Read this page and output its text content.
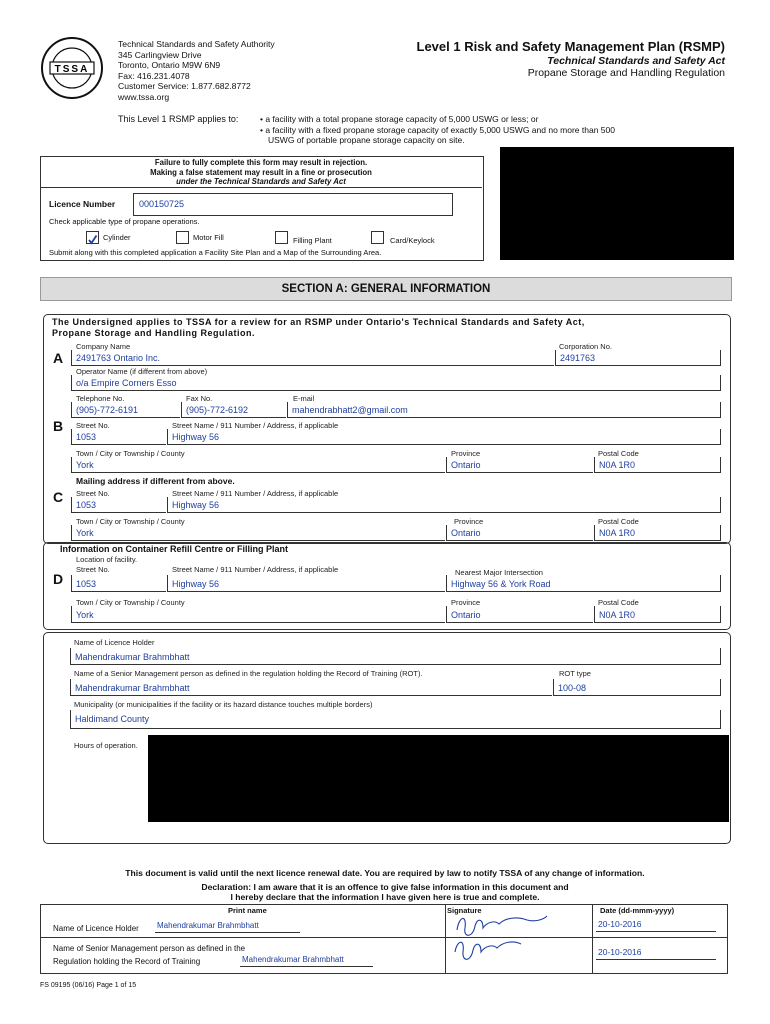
TSSA
Technical Standards and Safety Authority
345 Carlingview Drive
Toronto, Ontario M9W 6N9
Fax: 416.231.4078
Customer Service: 1.877.682.8772
www.tssa.org
Level 1 Risk and Safety Management Plan (RSMP)
Technical Standards and Safety Act
Propane Storage and Handling Regulation
This Level 1 RSMP applies to:	• a facility with a total propane storage capacity of 5,000 USWG or less; or
• a facility with a fixed propane storage capacity of exactly 5,000 USWG and no more than 500
USWG of portable propane storage capacity on site.
Failure to fully complete this form may result in rejection.
Making a false statement may result in a fine or prosecution
under the Technical Standards and Safety Act
Licence Number	000150725
Check applicable type of propane operations.
Cylinder	Motor Fill	Filling Plant	Card/Keylock
Submit along with this completed application a Facility Site Plan and a Map of the Surrounding Area.
SECTION A: GENERAL INFORMATION
The Undersigned applies to TSSA for a review for an RSMP under Ontario's Technical Standards and Safety Act,
Propane Storage and Handling Regulation.
A
Company Name
2491763 Ontario Inc.
Corporation No.
2491763
Operator Name (if different from above)
o/a Empire Corners Esso
Telephone No.
(905)-772-6191
Fax No.
(905)-772-6192
E-mail
mahendrabhatt2@gmail.com
B Street No.
1053
Street Name / 911 Number / Address, if applicable
Highway 56
Town / City or Township / County
York
Province
Ontario
Postal Code
N0A 1R0
Mailing address if different from above.
C Street No.
1053
Street Name / 911 Number / Address, if applicable
Highway 56
Town / City or Township / County
York
Province
Ontario
Postal Code
N0A 1R0
Information on Container Refill Centre or Filling Plant
Location of facility.
D
Street No.
1053
Street Name / 911 Number / Address, if applicable
Highway 56
Nearest Major Intersection
Highway 56 & York Road
Town / City or Township / County
York
Province
Ontario
Postal Code
N0A 1R0
Name of Licence Holder
Mahendrakumar Brahmbhatt
Name of a Senior Management person as defined in the regulation holding the Record of Training (ROT).
Mahendrakumar Brahmbhatt
ROT type
100-08
Municipality (or municipalities if the facility or its hazard distance touches multiple borders)
Haldimand County
Hours of operation.
This document is valid until the next licence renewal date. You are required by law to notify TSSA of any change of information.
Declaration: I am aware that it is an offence to give false information in this document and
I hereby declare that the information I have given here is true and complete.
Print name	Signature	Date (dd-mmm-yyyy)
Name of Licence Holder Mahendrakumar Brahmbhatt	20-10-2016
Name of Senior Management person as defined in the
Regulation holding the Record of Training	Mahendrakumar Brahmbhatt
20-10-2016
FS 09195 (06/16) Page 1 of 15
